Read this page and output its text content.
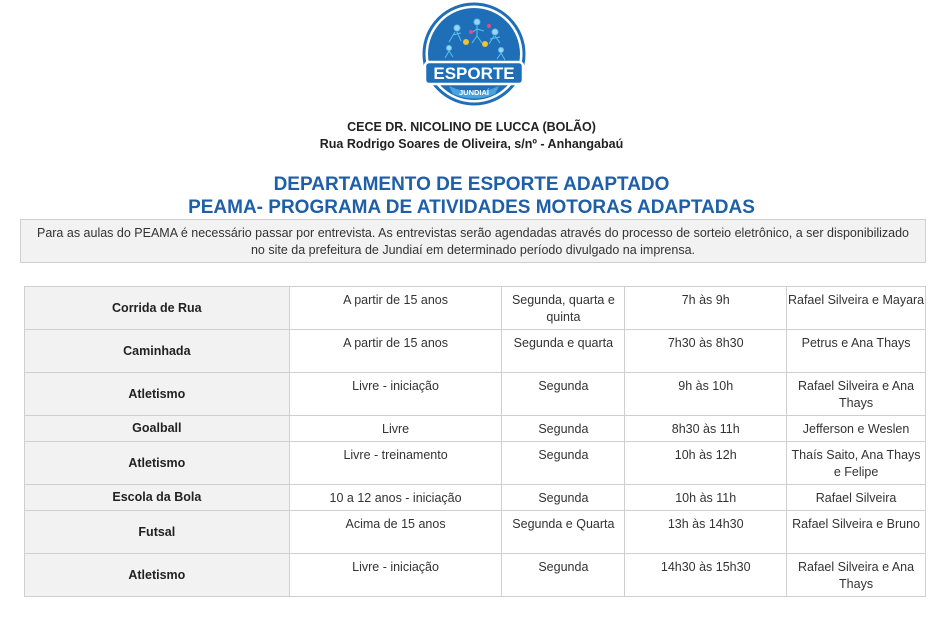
ESPORTE
JUNDIAÍ
CECE DR. NICOLINO DE LUCCA (BOLÃO)
Rua Rodrigo Soares de Oliveira, s/nº - Anhangabaú
DEPARTAMENTO DE ESPORTE ADAPTADO
PEAMA- PROGRAMA DE ATIVIDADES MOTORAS ADAPTADAS
Para as aulas do PEAMA é necessário passar por entrevista. As entrevistas serão agendadas através do processo de sorteio eletrônico, a ser disponibilizado no site da prefeitura de Jundiaí em determinado período divulgado na imprensa.
Corrida de Rua	A partir de 15 anos	Segunda, quarta e quinta	7h às 9h	Rafael Silveira e Mayara
Caminhada	A partir de 15 anos	Segunda e quarta	7h30 às 8h30	Petrus e Ana Thays
Atletismo	Livre - iniciação	Segunda	9h às 10h	Rafael Silveira e Ana Thays
Goalball	Livre	Segunda	8h30 às 11h	Jefferson e Weslen
Atletismo	Livre - treinamento	Segunda	10h às 12h	Thaís Saito, Ana Thays e Felipe
Escola da Bola	10 a 12 anos - iniciação	Segunda	10h às 11h	Rafael Silveira
Futsal	Acima de 15 anos	Segunda e Quarta	13h às 14h30	Rafael Silveira e Bruno
Atletismo	Livre - iniciação	Segunda	14h30 às 15h30	Rafael Silveira e Ana Thays
